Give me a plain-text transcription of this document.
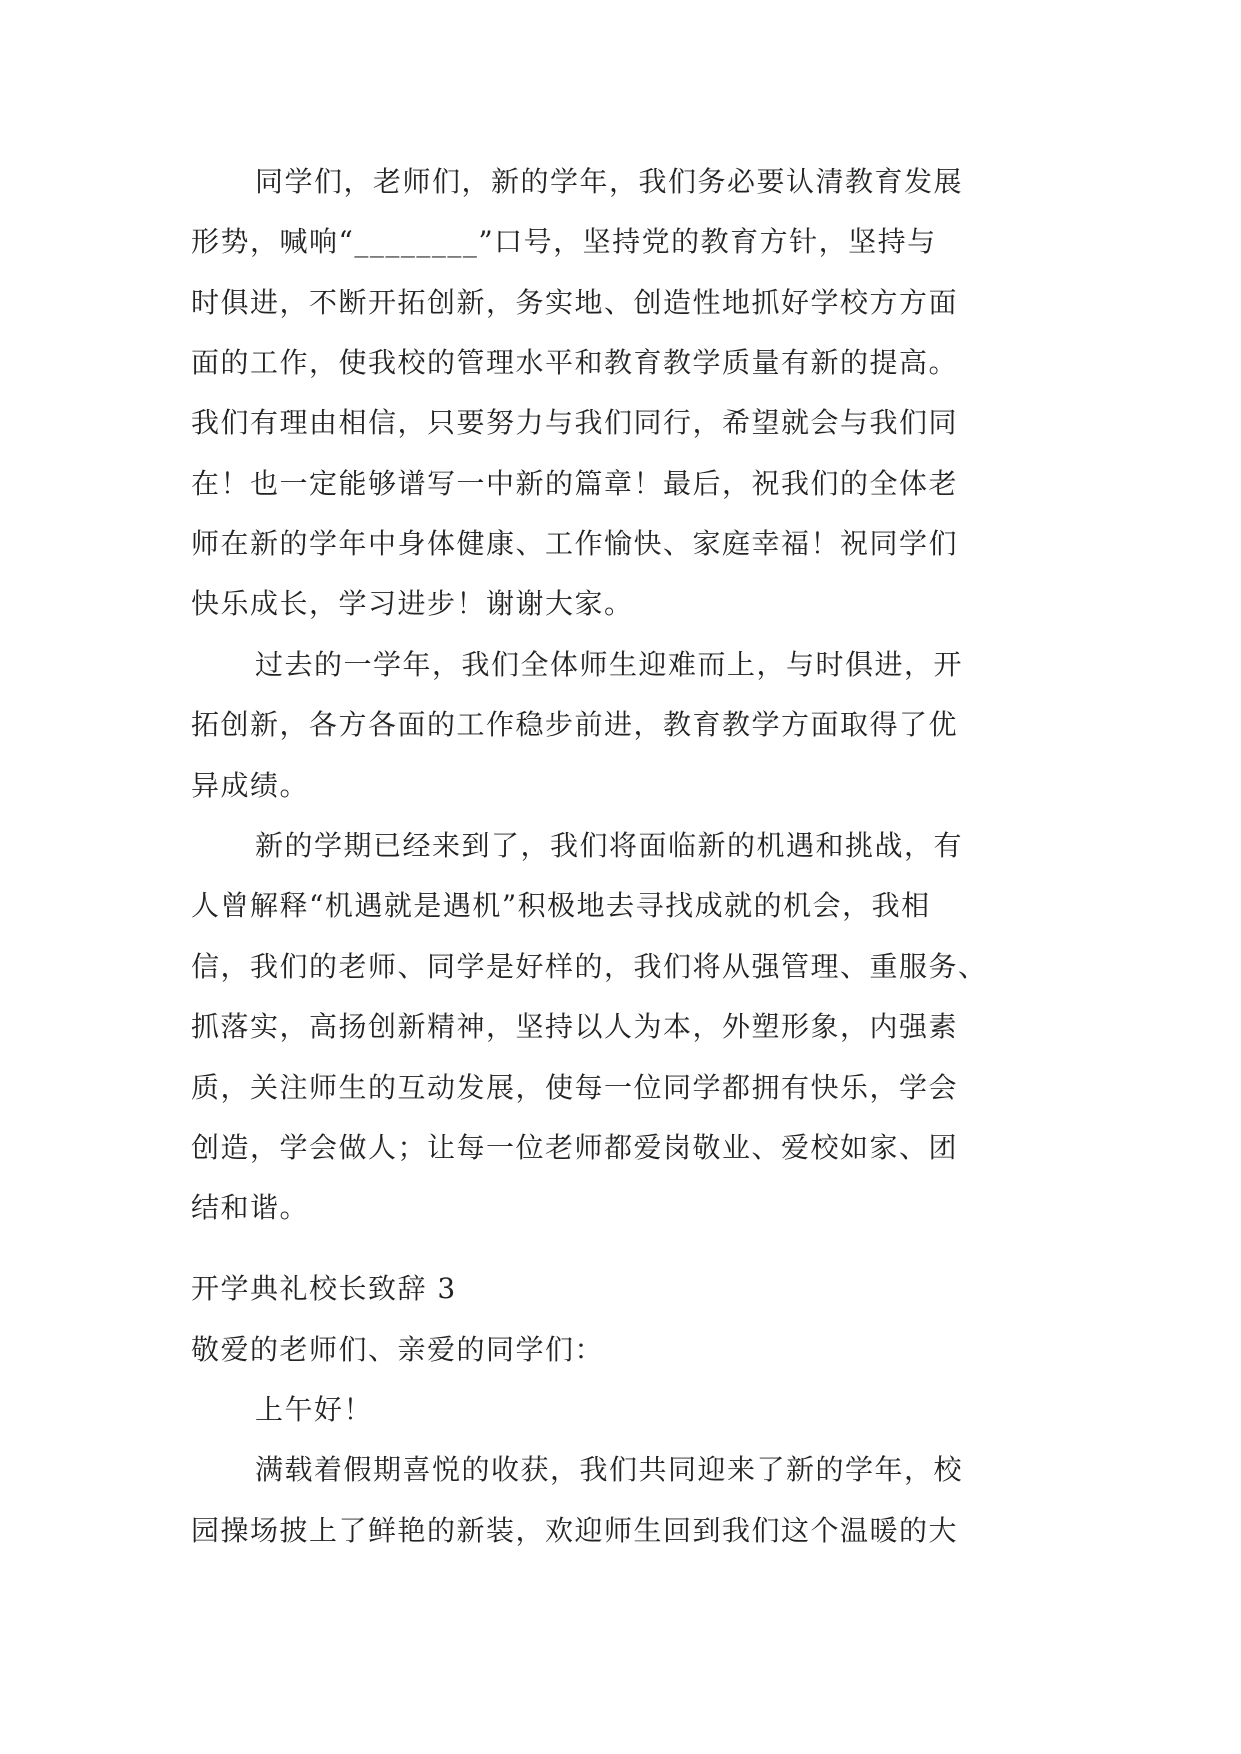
同学们，老师们，新的学年，我们务必要认清教育发展
形势，喊响“________”口号，坚持党的教育方针，坚持与
时俱进，不断开拓创新，务实地、创造性地抓好学校方方面
面的工作，使我校的管理水平和教育教学质量有新的提高。
我们有理由相信，只要努力与我们同行，希望就会与我们同
在！也一定能够谱写一中新的篇章！最后，祝我们的全体老
师在新的学年中身体健康、工作愉快、家庭幸福！祝同学们
快乐成长，学习进步！谢谢大家。
过去的一学年，我们全体师生迎难而上，与时俱进，开
拓创新，各方各面的工作稳步前进，教育教学方面取得了优
异成绩。
新的学期已经来到了，我们将面临新的机遇和挑战，有
人曾解释“机遇就是遇机”积极地去寻找成就的机会，我相
信，我们的老师、同学是好样的，我们将从强管理、重服务、
抓落实，高扬创新精神，坚持以人为本，外塑形象，内强素
质，关注师生的互动发展，使每一位同学都拥有快乐，学会
创造，学会做人；让每一位老师都爱岗敬业、爱校如家、团
结和谐。
开学典礼校长致辞 3
敬爱的老师们、亲爱的同学们：
上午好！
满载着假期喜悦的收获，我们共同迎来了新的学年，校
园操场披上了鲜艳的新装，欢迎师生回到我们这个温暖的大
